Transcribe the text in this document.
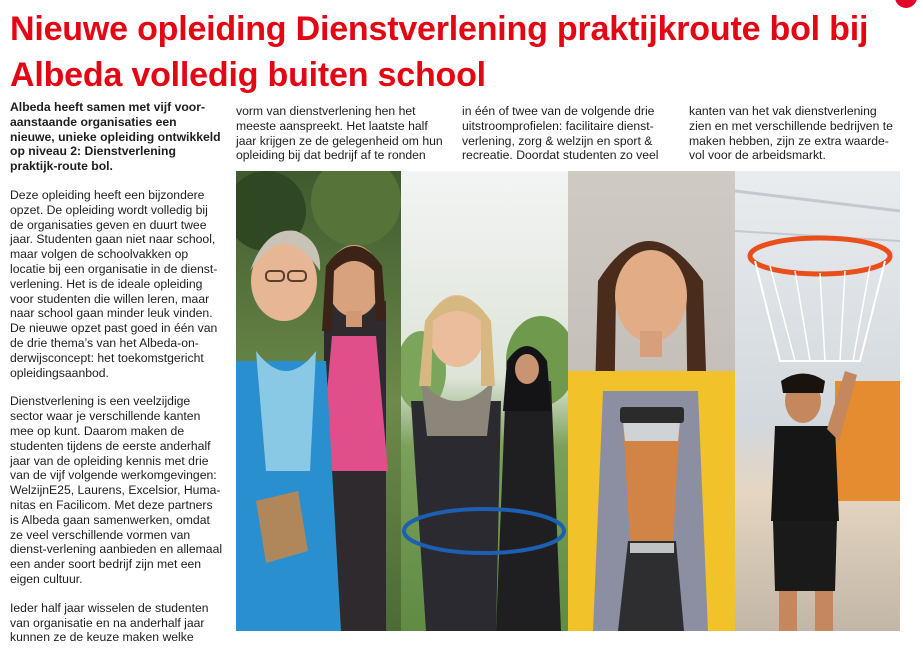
Nieuwe opleiding Dienstverlening praktijkroute bol bij Albeda volledig buiten school

Albeda heeft samen met vijf voor-aanstaande organisaties een nieuwe, unieke opleiding ontwikkeld op niveau 2: Dienstverlening praktijk-route bol.

Deze opleiding heeft een bijzondere opzet. De opleiding wordt volledig bij de organisaties geven en duurt twee jaar. Studenten gaan niet naar school, maar volgen de schoolvakken op locatie bij een organisatie in de dienst-verlening. Het is de ideale opleiding voor studenten die willen leren, maar naar school gaan minder leuk vinden. De nieuwe opzet past goed in één van de drie thema’s van het Albeda-on-derwijsconcept: het toekomstgericht opleidingsaanbod.

Dienstverlening is een veelzijdige sector waar je verschillende kanten mee op kunt. Daarom maken de studenten tijdens de eerste anderhalf jaar van de opleiding kennis met drie van de vijf volgende werkomgevingen: WelzijnE25, Laurens, Excelsior, Huma-nitas en Facilicom. Met deze partners is Albeda gaan samenwerken, omdat ze veel verschillende vormen van dienst-verlening aanbieden en allemaal een ander soort bedrijf zijn met een eigen cultuur.

Ieder half jaar wisselen de studenten van organisatie en na anderhalf jaar kunnen ze de keuze maken welke

vorm van dienstverlening hen het meeste aanspreekt. Het laatste half jaar krijgen ze de gelegenheid om hun opleiding bij dat bedrijf af te ronden

in één of twee van de volgende drie uitstroomprofielen: facilitaire dienst-verlening, zorg & welzijn en sport & recreatie. Doordat studenten zo veel

kanten van het vak dienstverlening zien en met verschillende bedrijven te maken hebben, zijn ze extra waarde-vol voor de arbeidsmarkt.
